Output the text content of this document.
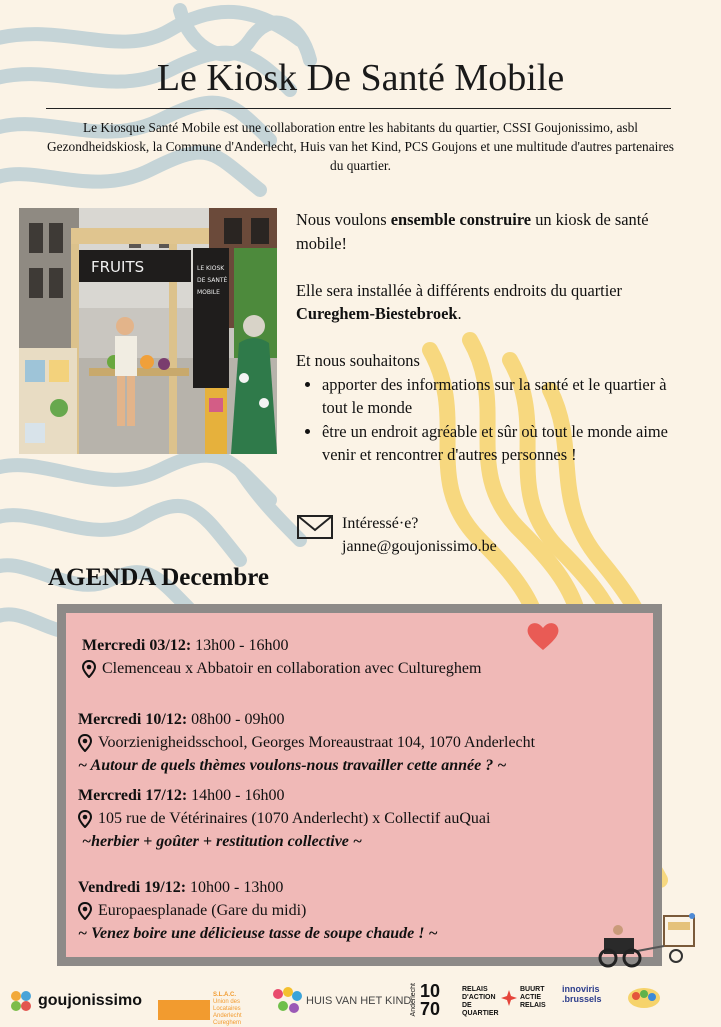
Le Kiosk De Santé Mobile
Le Kiosque Santé Mobile est une collaboration entre les habitants du quartier, CSSI Goujonissimo, asbl Gezondheidskiosk, la Commune d'Anderlecht, Huis van het Kind, PCS Goujons et une multitude d'autres partenaires du quartier.
FRUITS	LE KIOSK
DE SANTÉ
MOBILE

Nous voulons ensemble construire un kiosk de santé mobile!

Elle sera installée à différents endroits du quartier Cureghem-Biestebroek.

Et nous souhaitons
• apporter des informations sur la santé et le quartier à tout le monde
• être un endroit agréable et sûr où tout le monde aime venir et rencontrer d'autres personnes !
Intéressé·e?
janne@goujonissimo.be
AGENDA Decembre
Mercredi 03/12: 13h00 - 16h00
Clemenceau x Abbatoir en collaboration avec Cultureghem
Mercredi 10/12: 08h00 - 09h00
Voorzienigheidsschool, Georges Moreaustraat 104, 1070 Anderlecht
~ Autour de quels thèmes voulons-nous travailler cette année ? ~
Mercredi 17/12: 14h00 - 16h00
105 rue de Vétérinaires (1070 Anderlecht) x Collectif auQuai
~herbier + goûter + restitution collective ~
Vendredi 19/12: 10h00 - 13h00
Europaesplanade (Gare du midi)
~ Venez boire une délicieuse tasse de soupe chaude ! ~
goujonissimo	S.L.A.C.
Union des Locataires Anderlecht Cureghem
HUIS VAN HET KIND
Anderlecht 1070
RELAIS D'ACTION DE QUARTIER
BUURT ACTIE RELAIS
innoviris .brussels
